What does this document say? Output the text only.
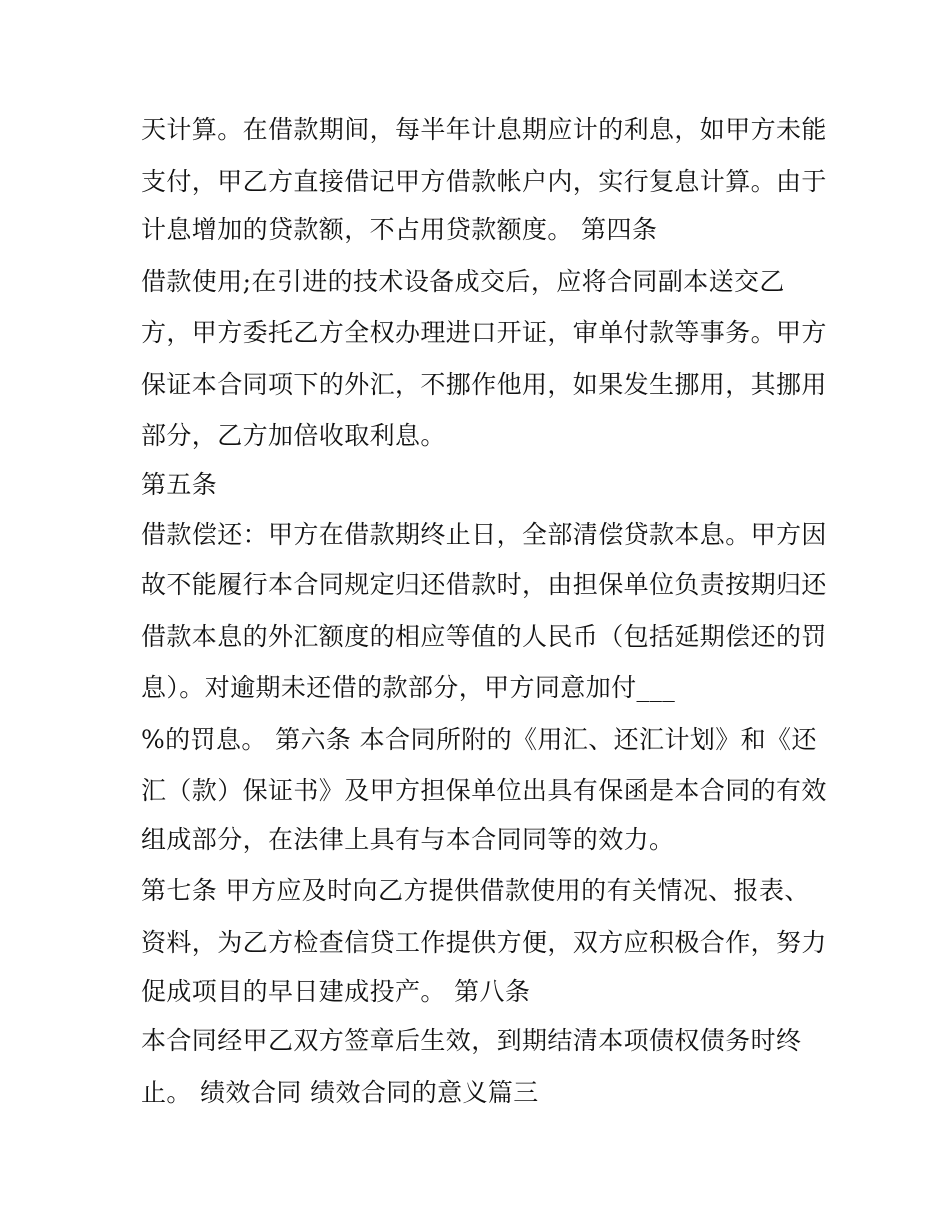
天计算。在借款期间，每半年计息期应计的利息，如甲方未能
支付，甲乙方直接借记甲方借款帐户内，实行复息计算。由于
计息增加的贷款额，不占用贷款额度。 第四条
借款使用;在引进的技术设备成交后，应将合同副本送交乙
方，甲方委托乙方全权办理进口开证，审单付款等事务。甲方
保证本合同项下的外汇，不挪作他用，如果发生挪用，其挪用
部分，乙方加倍收取利息。
第五条
借款偿还：甲方在借款期终止日，全部清偿贷款本息。甲方因
故不能履行本合同规定归还借款时，由担保单位负责按期归还
借款本息的外汇额度的相应等值的人民币（包括延期偿还的罚
息）。对逾期未还借的款部分，甲方同意加付___
%的罚息。 第六条 本合同所附的《用汇、还汇计划》和《还
汇（款）保证书》及甲方担保单位出具有保函是本合同的有效
组成部分，在法律上具有与本合同同等的效力。
第七条 甲方应及时向乙方提供借款使用的有关情况、报表、
资料，为乙方检查信贷工作提供方便，双方应积极合作，努力
促成项目的早日建成投产。 第八条
本合同经甲乙双方签章后生效，到期结清本项债权债务时终
止。 绩效合同 绩效合同的意义篇三
